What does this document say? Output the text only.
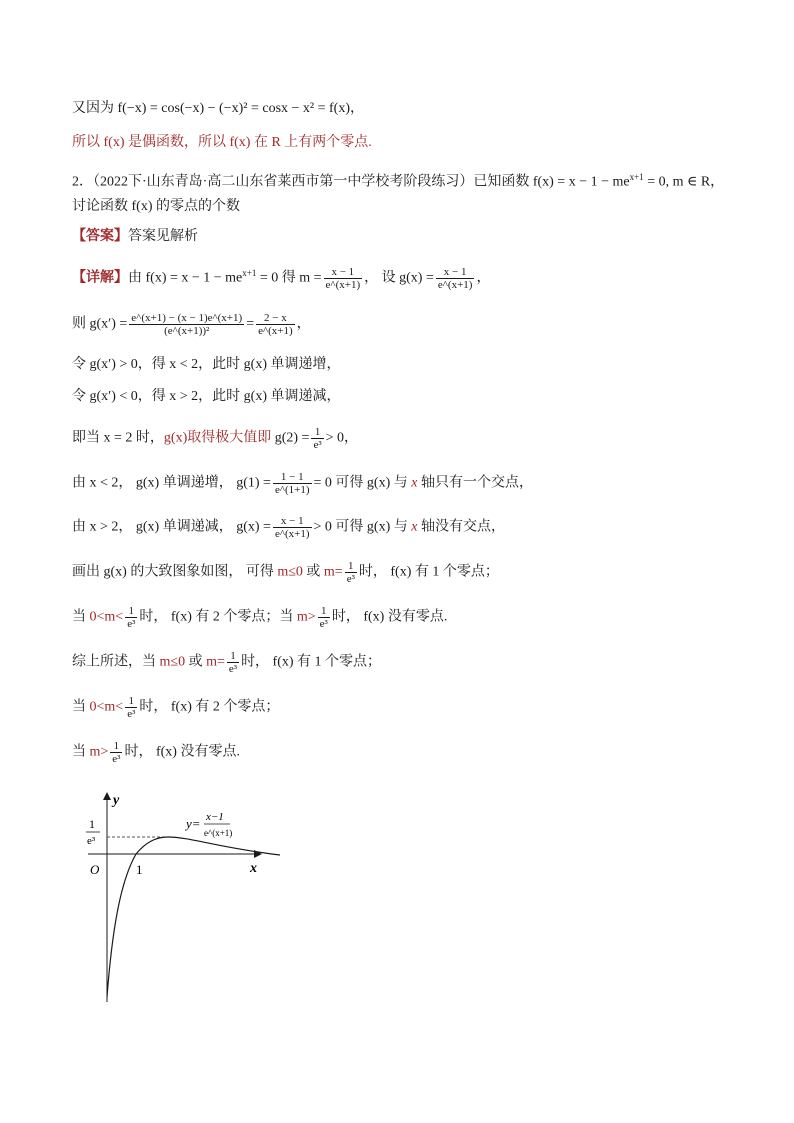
又因为 f(−x) = cos(−x) − (−x)² = cosx − x² = f(x)，
所以 f(x) 是偶函数，所以 f(x) 在 R 上有两个零点.
2．（2022下·山东青岛·高二山东省莱西市第一中学校考阶段练习）已知函数 $f(x) = x - 1 - me^{x+1} = 0$, m ∈ R，
讨论函数 f(x) 的零点的个数
【答案】答案见解析
【详解】由 $f(x) = x - 1 - me^{x+1} = 0$ 得 $m = \frac{x - 1}{e\^{}(x+1)}$ ， 设 $g(x) = \frac{x - 1}{e\^{}(x+1)}$ ，
则 $g(x') = \frac{e\^{}(x+1) - (x - 1)e\^{}(x+1)}{\text{(e\textasciicircum{}(x+1))²}} = \frac{2 - x}{e\^{}(x+1)}$ ，
令 g(x′) > 0，得 x < 2，此时 g(x) 单调递增，
令 g(x′) < 0，得 x > 2，此时 g(x) 单调递减，
即当 x = 2 时，g(x)取得极大值即 $g(2) = \frac{1}{\text{e³}} > 0$，
由 x < 2， g(x) 单调递增， $g(1) = \frac{1 - 1}{e\^{}(1+1)} = 0$ 可得 g(x) 与 x 轴只有一个交点，
由 x > 2， g(x) 单调递减， $g(x) = \frac{x - 1}{e\^{}(x+1)} > 0$ 可得 g(x) 与 x 轴没有交点，
画出 g(x) 的大致图象如图， 可得 m≤0 或 $m= \frac{1}{\text{e³}}$ 时， f(x) 有 1 个零点；
当 $0<m< \frac{1}{\text{e³}}$ 时， f(x) 有 2 个零点；当 $m> \frac{1}{\text{e³}}$ 时， f(x) 没有零点.
综上所述，当 m≤0 或 $m= \frac{1}{\text{e³}}$ 时， f(x) 有 1 个零点；
当 $0<m< \frac{1}{\text{e³}}$ 时， f(x) 有 2 个零点；
当 $m> \frac{1}{\text{e³}}$ 时， f(x) 没有零点.
y
x
O	1
1
e³
y= x−1
e^(x+1)
